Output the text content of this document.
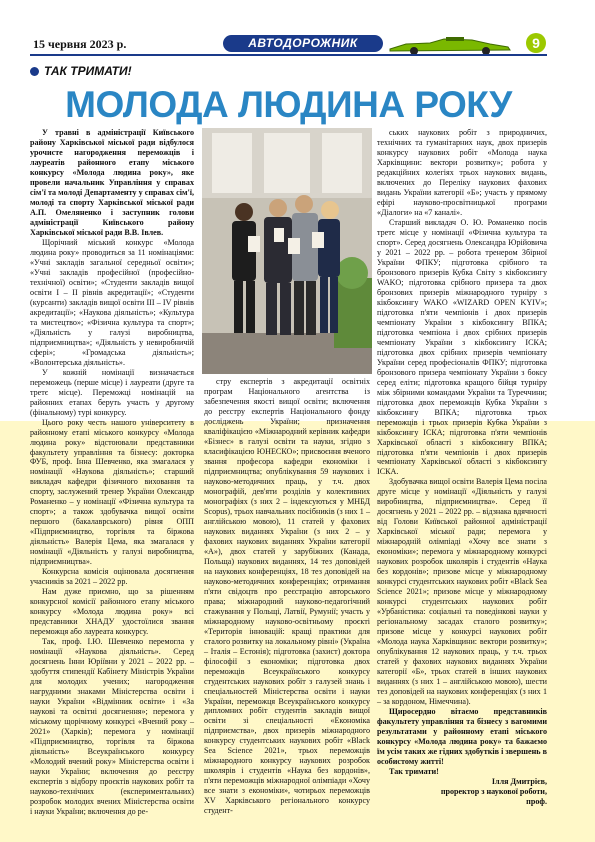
15 червня 2023 р.	АВТОДОРОЖНИК	9
ТАК ТРИМАТИ!
МОЛОДА ЛЮДИНА РОКУ

У травні в адміністрації Київського району Харківської міської ради відбулося урочисте нагородження переможців і лауреатів районного етапу міського конкурсу «Молода людина року», яке провели начальник Управління у справах сім'ї та молоді Департаменту у справах сім'ї, молоді та спорту Харківської міської ради А.П. Омеляненко і заступник голови адміністрації Київського району Харківської міської ради В.В. Івлев.

Щорічний міський конкурс «Молода людина року» проводиться за 11 номінаціями: «Учні закладів загальної середньої освіти»; «Учні закладів професійної (професійно-технічної) освіти»; «Студенти закладів вищої освіти І – ІІ рівнів акредитації»; «Студенти (курсанти) закладів вищої освіти ІІІ – IV рівнів акредитації»; «Наукова діяльність»; «Культура та мистецтво»; «Фізична культура та спорт»; «Діяльність у галузі виробництва, підприємництва»; «Діяльність у невиробничій сфері»; «Громадська діяльність»; «Волонтерська діяльність».

У кожній номінації визначається переможець (перше місце) і лауреати (друге та третє місце). Переможці номінацій на районних етапах беруть участь у другому (фінальному) турі конкурсу.

Цього року честь нашого університету в районному етапі міського конкурсу «Молода людина року» відстоювали представники факультету управління та бізнесу: докторка ФУБ, проф. Інна Шевченко, яка змагалася у номінації «Наукова діяльність»; старший викладач кафедри фізичного виховання та спорту, заслужений тренер України Олександр Романенко – у номінації «Фізична культура та спорт»; а також здобувачка вищої освіти першого (бакалаврського) рівня ОПП «Підприємництво, торгівля та біржова діяльність» Валерія Цема, яка змагалася у номінації «Діяльність у галузі виробництва, підприємництва».

Конкурсна комісія оцінювала досягнення учасників за 2021 – 2022 рр.

Нам дуже приємно, що за рішенням конкурсної комісії районного етапу міського конкурсу «Молода людина року» всі представники ХНАДУ удостоїлися звання переможця або лауреата конкурсу.

Так, проф. І.Ю. Шевченко перемогла у номінації «Наукова діяльність». Серед досягнень Інни Юріївни у 2021 – 2022 рр. – здобуття стипендії Кабінету Міністрів України для молодих учених; нагородження нагрудними знаками Міністерства освіти і науки України «Відмінник освіти» і «За наукові та освітні досягнення»; перемога у міському щорічному конкурсі «Вчений року – 2021» (Харків); перемога у номінації «Підприємництво, торгівля та біржова діяльність» Всеукраїнського конкурсу «Молодий вчений року» Міністерства освіти і науки України; включення до реєстру експертів з відбору проєктів наукових робіт та науково-технічних (експериментальних) розробок молодих вчених Міністерства освіти і науки України; включення до ре-

стру експертів з акредитації освітніх програм Національного агентства із забезпечення якості вищої освіти; включення до реєстру експертів Національного фонду досліджень України; призначення кваліфікацією «Міжнародний керівник кафедри «Бізнес» в галузі освіти та науки, згідно з класифікацією ЮНЕСКО»; присвоєння вченого звання професора кафедри економіки і підприємництва; опублікування 59 наукових і науково-методичних праць, у т.ч. двох монографій, дев'яти розділів у колективних монографіях (з них 2 – індексуються у МНБД Scopus), трьох навчальних посібників (з них 1 – англійською мовою), 11 статей у фахових наукових виданнях України (з них 2 – у фахових наукових виданнях України категорії «А»), двох статей у зарубіжних (Канада, Польща) наукових виданнях, 14 тез доповідей на наукових конференціях, 18 тез доповідей на науково-методичних конференціях; отримання п'яти свідоцтв про реєстрацію авторського права; міжнародний науково-педагогічний стажування у Польщі, Латвії, Румунії; участь у міжнародному науково-освітньому проєкті «Територія інновацій: кращі практики для сталого розвитку на локальному рівні» (Україна – Італія – Естонія); підготовка (захист) доктора філософії з економіки; підготовка двох переможців Всеукраїнського конкурсу студентських наукових робіт з галузей знань і спеціальностей Міністерства освіти і науки України, переможця Всеукраїнського конкурсу дипломних робіт студентів закладів вищої освіти зі спеціальності «Економіка підприємства», двох призерів міжнародного конкурсу студентських наукових робіт «Black Sea Science 2021», трьох переможців міжнародного конкурсу наукових розробок школярів і студентів «Наука без кордонів», п'яти переможців міжнародної олімпіади «Хочу все знати з економіки», чотирьох переможців XV Харківського регіонального конкурсу студент-

ських наукових робіт з природничих, технічних та гуманітарних наук, двох призерів конкурсу наукових робіт «Молода наука Харківщини: вектори розвитку»; робота у редакційних колегіях трьох наукових видань, включених до Переліку наукових фахових видань України категорії «Б»; участь у прямому ефірі науково-просвітницької програми «Діалоги» на «7 каналі».

Старший викладач О. Ю. Романенко посів третє місце у номінації «Фізична культура та спорт». Серед досягнень Олександра Юрійовича у 2021 – 2022 рр. – робота тренером Збірної України ФПКУ; підготовка срібного та бронзового призерів Кубка Світу з кікбоксингу WAKO; підготовка срібного призера та двох бронзових призерів міжнародного турніру з кікбоксингу WAKO «WIZARD OPEN KYIV»; підготовка п'яти чемпіонів і двох призерів чемпіонату України з кікбоксингу ВПКА; підготовка чемпіона і двох срібних призерів чемпіонату України з кікбоксингу ІСКА; підготовка двох срібних призерів чемпіонату України серед професіоналів ФПКУ; підготовка бронзового призера чемпіонату України з боксу серед еліти; підготовка кращого бійця турніру між збірними командами України та Туреччини; підготовка двох переможців Кубка України з кікбоксингу ВПКА; підготовка трьох переможців і трьох призерів Кубка України з кікбоксингу ІСКА; підготовка п'яти чемпіонів Харківської області з кікбоксингу ВПКА; підготовка п'яти чемпіонів і двох призерів чемпіонату Харківської області з кікбоксингу ІСКА.

Здобувачка вищої освіти Валерія Цема посіла друге місце у номінації «Діяльність у галузі виробництва, підприємництва». Серед її досягнень у 2021 – 2022 рр. – відзнака вдячності від Голови Київської районної адміністрації Харківської міської ради; перемога у міжнародній олімпіаді «Хочу все знати з економіки»; перемога у міжнародному конкурсі наукових розробок школярів і студентів «Наука без кордонів»; призове місце у міжнародному конкурсі студентських наукових робіт «Black Sea Science 2021»; призове місце у міжнародному конкурсі студентських наукових робіт «Урбаністика: соціальні та поведінкові науки у регіональному засадах сталого розвитку»; призове місце у конкурсі наукових робіт «Молода наука Харківщини: вектори розвитку»; опублікування 12 наукових праць, у т.ч. трьох статей у фахових наукових виданнях України категорії «Б», трьох статей в інших наукових виданнях (з них 1 – англійською мовою), шести тез доповідей на наукових конференціях (з них 1 – за кордоном, Німеччина).

Щиросердно вітаємо представників факультету управління та бізнесу з вагомими результатами у районному етапі міського конкурсу «Молода людина року» та бажаємо їм усім таких же гідних здобутків і звершень в особистому житті!

Так тримати!

Ілля Дмитрієв,

проректор з наукової роботи,

проф.
